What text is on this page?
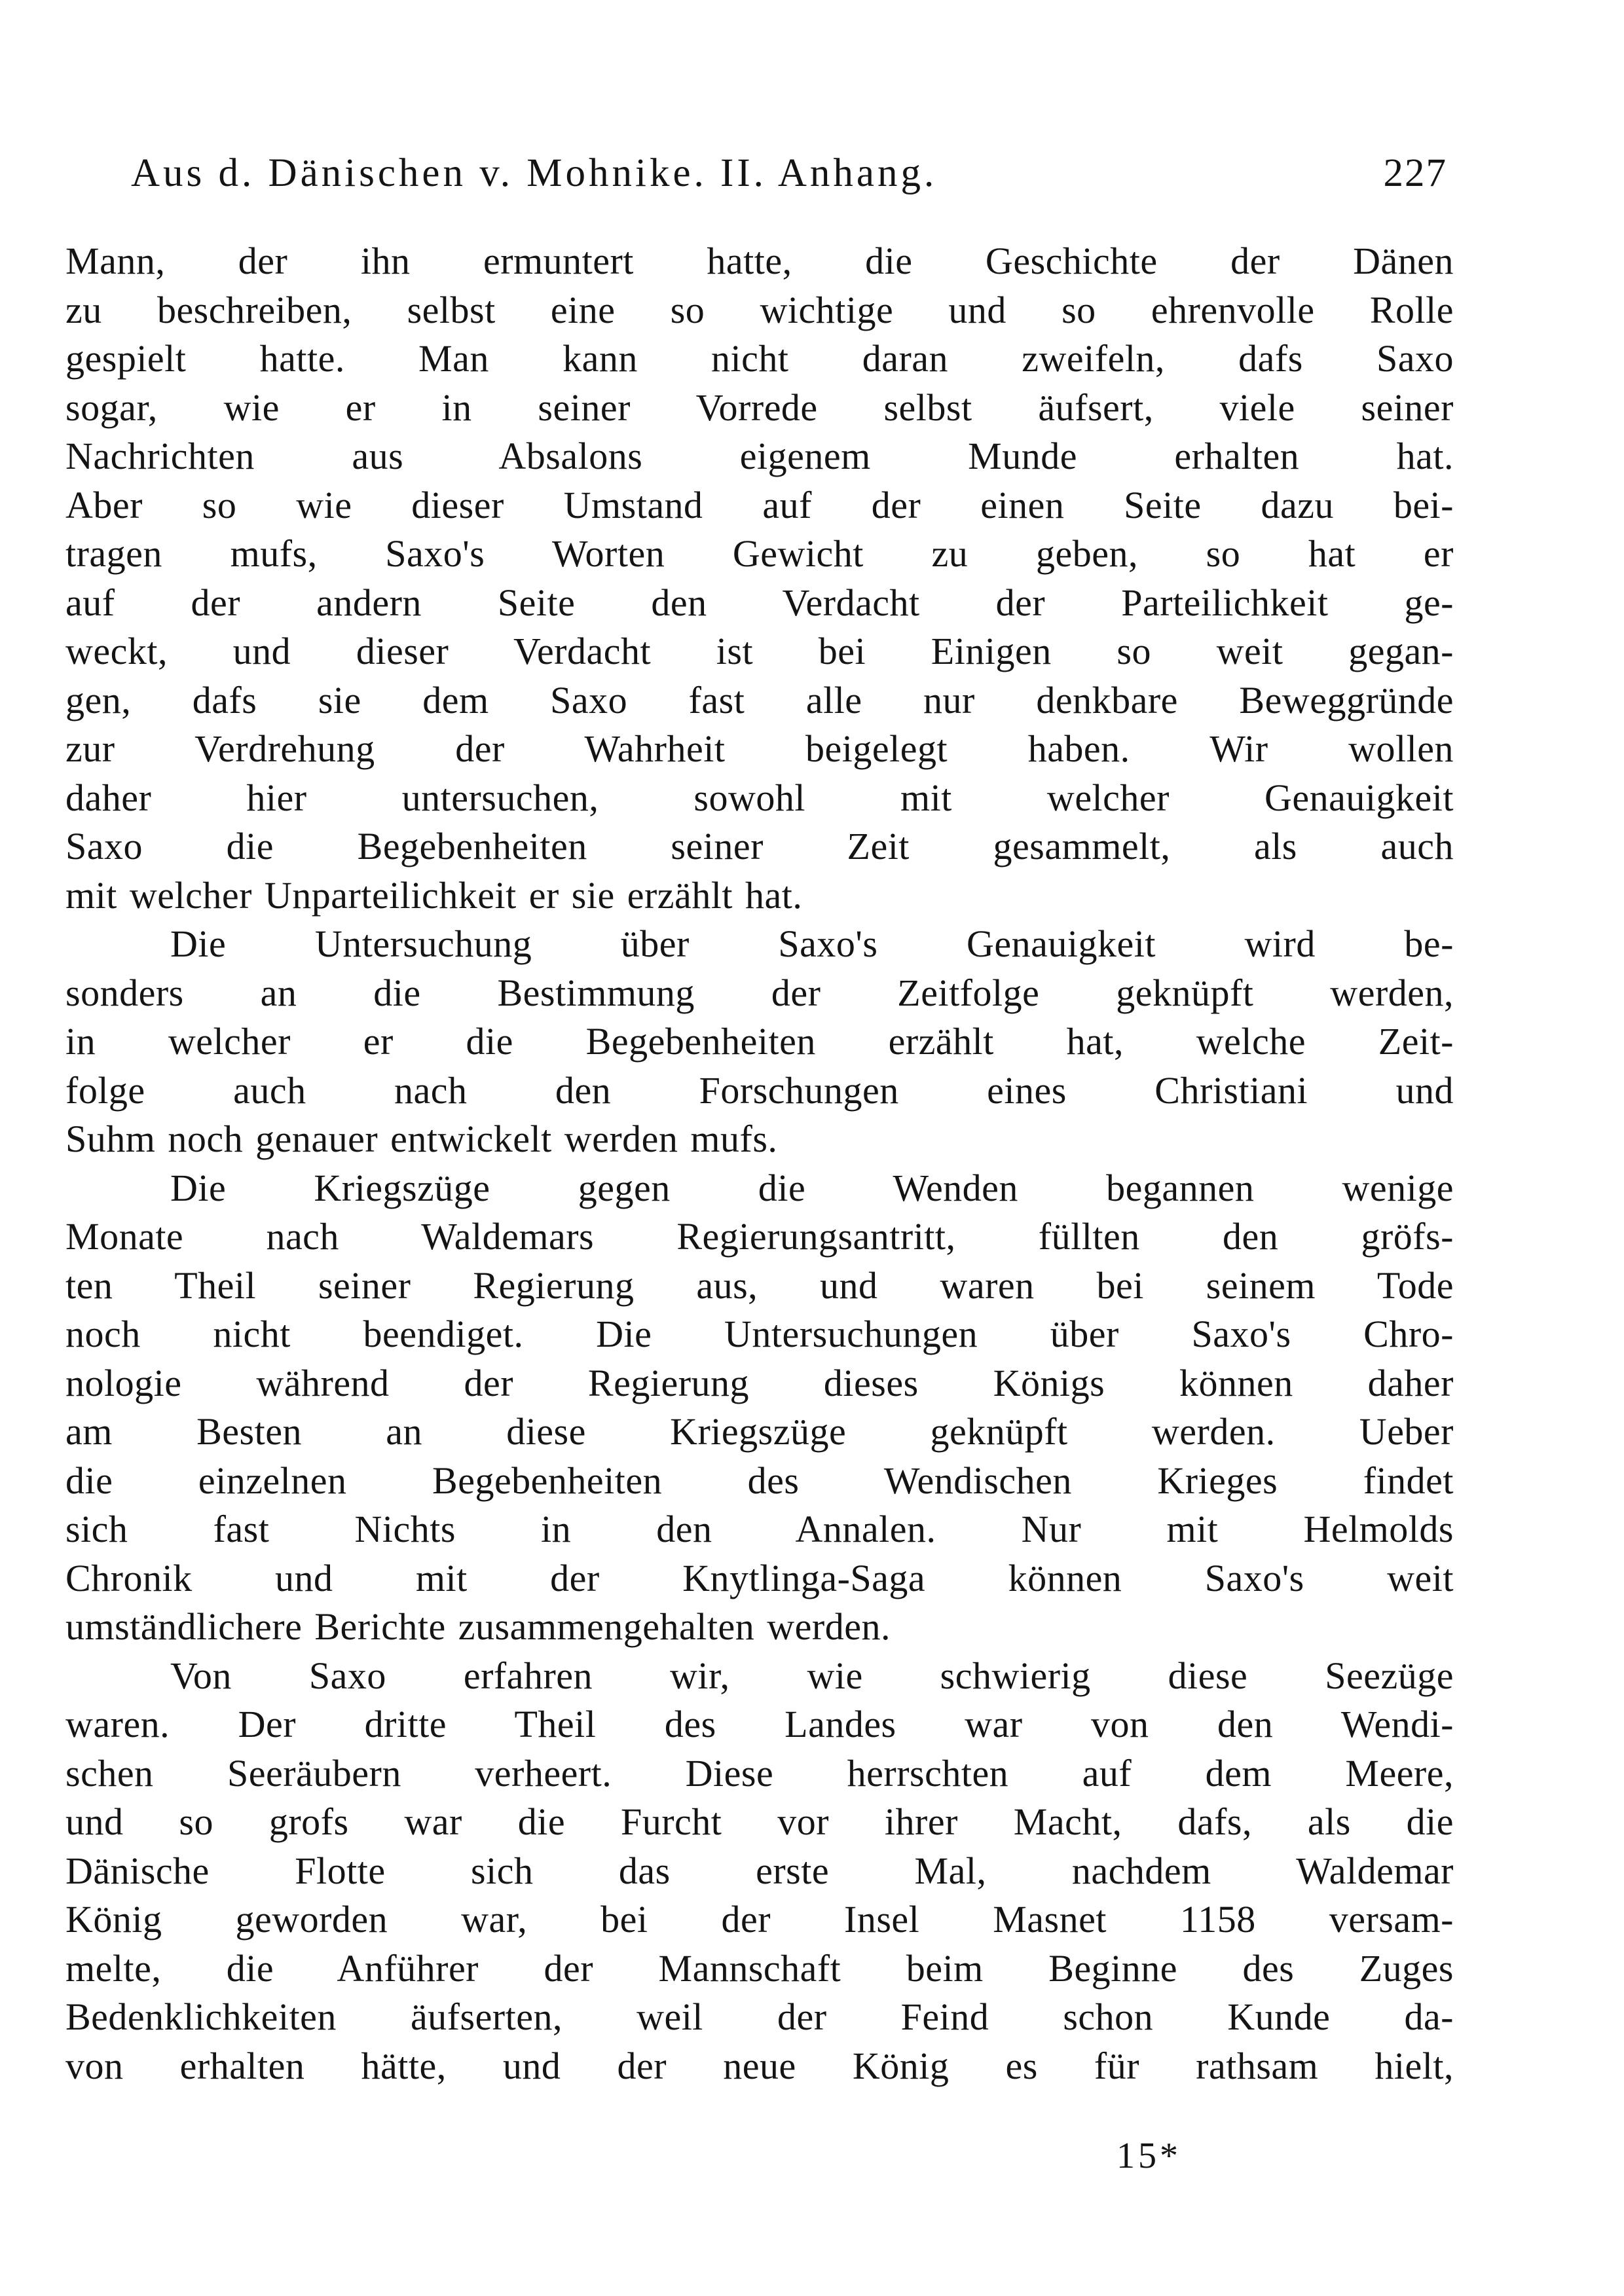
Aus d. Dänischen v. Mohnike. II. Anhang.	227
Mann, der ihn ermuntert hatte, die Geschichte der Dänen
zu beschreiben, selbst eine so wichtige und so ehrenvolle Rolle
gespielt hatte. Man kann nicht daran zweifeln, dafs Saxo
sogar, wie er in seiner Vorrede selbst äufsert, viele seiner
Nachrichten aus Absalons eigenem Munde erhalten hat.
Aber so wie dieser Umstand auf der einen Seite dazu bei-
tragen mufs, Saxo's Worten Gewicht zu geben, so hat er
auf der andern Seite den Verdacht der Parteilichkeit ge-
weckt, und dieser Verdacht ist bei Einigen so weit gegan-
gen, dafs sie dem Saxo fast alle nur denkbare Beweggründe
zur Verdrehung der Wahrheit beigelegt haben. Wir wollen
daher hier untersuchen, sowohl mit welcher Genauigkeit
Saxo die Begebenheiten seiner Zeit gesammelt, als auch
mit welcher Unparteilichkeit er sie erzählt hat.
Die Untersuchung über Saxo's Genauigkeit wird be-
sonders an die Bestimmung der Zeitfolge geknüpft werden,
in welcher er die Begebenheiten erzählt hat, welche Zeit-
folge auch nach den Forschungen eines Christiani und
Suhm noch genauer entwickelt werden mufs.
Die Kriegszüge gegen die Wenden begannen wenige
Monate nach Waldemars Regierungsantritt, füllten den gröfs-
ten Theil seiner Regierung aus, und waren bei seinem Tode
noch nicht beendiget. Die Untersuchungen über Saxo's Chro-
nologie während der Regierung dieses Königs können daher
am Besten an diese Kriegszüge geknüpft werden. Ueber
die einzelnen Begebenheiten des Wendischen Krieges findet
sich fast Nichts in den Annalen. Nur mit Helmolds
Chronik und mit der Knytlinga-Saga können Saxo's weit
umständlichere Berichte zusammengehalten werden.
Von Saxo erfahren wir, wie schwierig diese Seezüge
waren. Der dritte Theil des Landes war von den Wendi-
schen Seeräubern verheert. Diese herrschten auf dem Meere,
und so grofs war die Furcht vor ihrer Macht, dafs, als die
Dänische Flotte sich das erste Mal, nachdem Waldemar
König geworden war, bei der Insel Masnet 1158 versam-
melte, die Anführer der Mannschaft beim Beginne des Zuges
Bedenklichkeiten äufserten, weil der Feind schon Kunde da-
von erhalten hätte, und der neue König es für rathsam hielt,
15*
